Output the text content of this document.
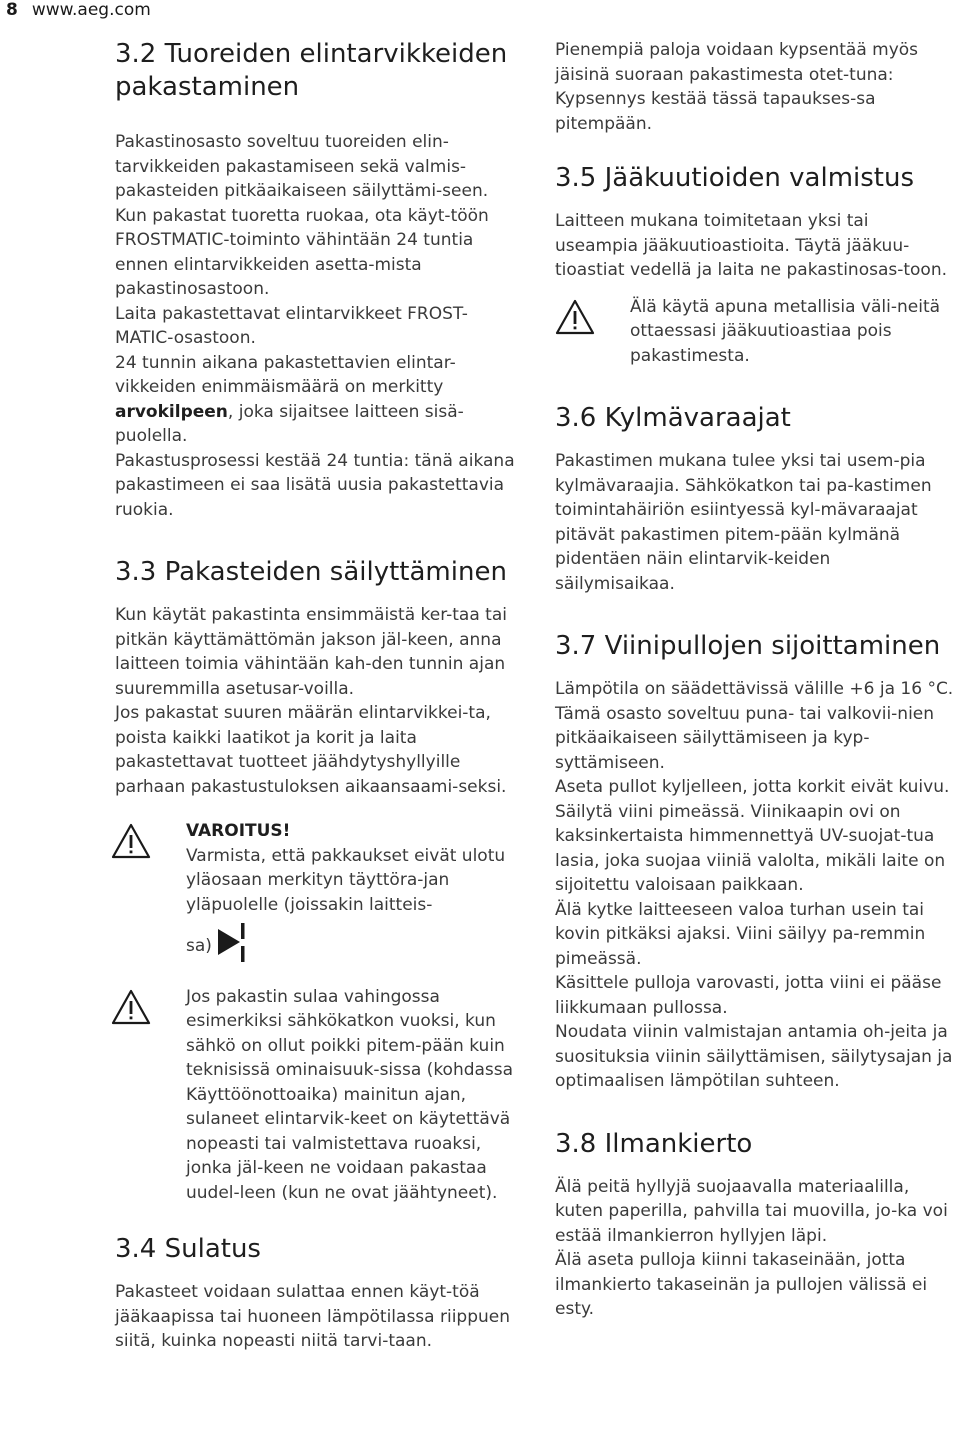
8 www.aeg.com
3.2 Tuoreiden elintarvikkeiden pakastaminen

Pakastinosasto soveltuu tuoreiden elin-tarvikkeiden pakastamiseen sekä valmis-pakasteiden pitkäaikaiseen säilyttämi-seen.

Kun pakastat tuoretta ruokaa, ota käyt-töön FROSTMATIC-toiminto vähintään 24 tuntia ennen elintarvikkeiden asetta-mista pakastinosastoon.

Laita pakastettavat elintarvikkeet FROST-MATIC-osastoon.

24 tunnin aikana pakastettavien elintar-vikkeiden enimmäismäärä on merkitty arvokilpeen, joka sijaitsee laitteen sisä-puolella.

Pakastusprosessi kestää 24 tuntia: tänä aikana pakastimeen ei saa lisätä uusia pakastettavia ruokia.

3.3 Pakasteiden säilyttäminen

Kun käytät pakastinta ensimmäistä ker-taa tai pitkän käyttämättömän jakson jäl-keen, anna laitteen toimia vähintään kah-den tunnin ajan suuremmilla asetusar-voilla.

Jos pakastat suuren määrän elintarvikkei-ta, poista kaikki laatikot ja korit ja laita pakastettavat tuotteet jäähdytyshyllyille parhaan pakastustuloksen aikaansaami-seksi.

VAROITUS!

Varmista, että pakkaukset eivät ulotu yläosaan merkityn täyttöra-jan yläpuolelle (joissakin laitteis-

sa)

Jos pakastin sulaa vahingossa esimerkiksi sähkökatkon vuoksi, kun sähkö on ollut poikki pitem-pään kuin teknisissä ominaisuuk-sissa (kohdassa Käyttöönottoaika) mainitun ajan, sulaneet elintarvik-keet on käytettävä nopeasti tai valmistettava ruoaksi, jonka jäl-keen ne voidaan pakastaa uudel-leen (kun ne ovat jäähtyneet).

3.4 Sulatus

Pakasteet voidaan sulattaa ennen käyt-töä jääkaapissa tai huoneen lämpötilassa riippuen siitä, kuinka nopeasti niitä tarvi-taan.

Pienempiä paloja voidaan kypsentää myös jäisinä suoraan pakastimesta otet-tuna: Kypsennys kestää tässä tapaukses-sa pitempään.

3.5 Jääkuutioiden valmistus

Laitteen mukana toimitetaan yksi tai useampia jääkuutioastioita. Täytä jääkuu-tioastiat vedellä ja laita ne pakastinosas-toon.

Älä käytä apuna metallisia väli-neitä ottaessasi jääkuutioastiaa pois pakastimesta.

3.6 Kylmävaraajat

Pakastimen mukana tulee yksi tai usem-pia kylmävaraajia. Sähkökatkon tai pa-kastimen toimintahäiriön esiintyessä kyl-mävaraajat pitävät pakastimen pitem-pään kylmänä pidentäen näin elintarvik-keiden säilymisaikaa.

3.7 Viinipullojen sijoittaminen

Lämpötila on säädettävissä välille +6 ja 16 °C.

Tämä osasto soveltuu puna- tai valkovii-nien pitkäaikaiseen säilyttämiseen ja kyp-syttämiseen.

Aseta pullot kyljelleen, jotta korkit eivät kuivu.

Säilytä viini pimeässä. Viinikaapin ovi on kaksinkertaista himmennettyä UV-suojat-tua lasia, joka suojaa viiniä valolta, mikäli laite on sijoitettu valoisaan paikkaan.

Älä kytke laitteeseen valoa turhan usein tai kovin pitkäksi ajaksi. Viini säilyy pa-remmin pimeässä.

Käsittele pulloja varovasti, jotta viini ei pääse liikkumaan pullossa.

Noudata viinin valmistajan antamia oh-jeita ja suosituksia viinin säilyttämisen, säilytysajan ja optimaalisen lämpötilan suhteen.

3.8 Ilmankierto

Älä peitä hyllyjä suojaavalla materiaalilla, kuten paperilla, pahvilla tai muovilla, jo-ka voi estää ilmankierron hyllyjen läpi.

Älä aseta pulloja kiinni takaseinään, jotta ilmankierto takaseinän ja pullojen välissä ei esty.
